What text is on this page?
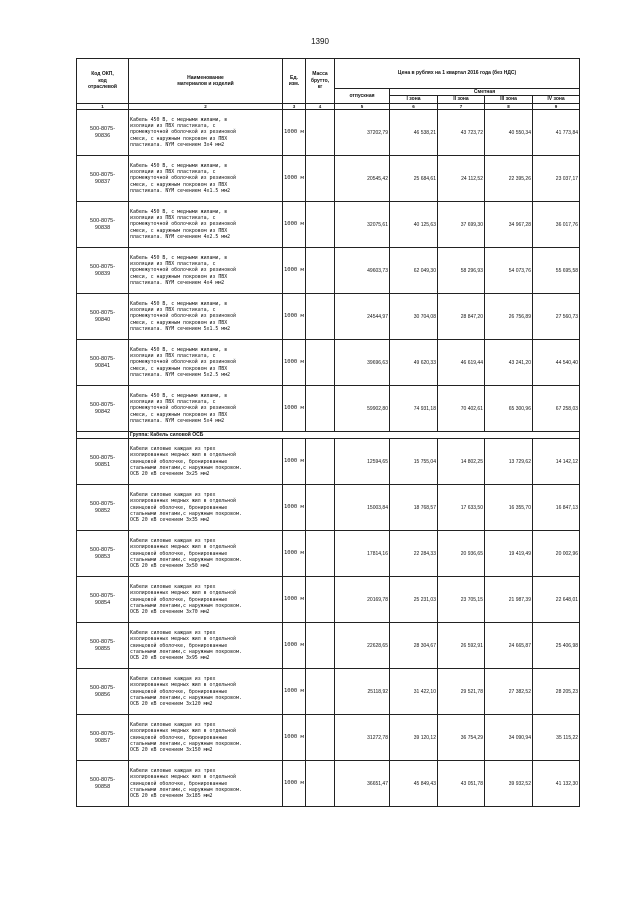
1390
Код ОКП,
код
отраслевой	Наименование
материалов и изделий	Ед.
изм.	Масса
брутто,
кг	Цена в рублях на 1 квартал 2016 года (без НДС)				
				отпускная	Сметная			
					I зона	II зона	III зона	IV зона
1	2	3	4	5	6	7	8	9
500-8075-
90836	Кабель 450 В, с медными жилами, в
изоляции из ПВХ пластиката, с
промежуточной оболочкой из резиновой
смеси, с наружным покровом из ПВХ
пластиката. NYM сечением 3x4 мм2	1000 м		37202,79	46 538,21	43 723,72	40 550,34	41 773,84
500-8075-
90837	Кабель 450 В, с медными жилами, в
изоляции из ПВХ пластиката, с
промежуточной оболочкой из резиновой
смеси, с наружным покровом из ПВХ
пластиката. NYM сечением 4x1.5 мм2	1000 м		20545,42	25 684,61	24 112,52	22 395,26	23 037,17
500-8075-
90838	Кабель 450 В, с медными жилами, в
изоляции из ПВХ пластиката, с
промежуточной оболочкой из резиновой
смеси, с наружным покровом из ПВХ
пластиката. NYM сечением 4x2.5 мм2	1000 м		32075,61	40 125,63	37 699,30	34 967,28	36 017,76
500-8075-
90839	Кабель 450 В, с медными жилами, в
изоляции из ПВХ пластиката, с
промежуточной оболочкой из резиновой
смеси, с наружным покровом из ПВХ
пластиката. NYM сечением 4x4 мм2	1000 м		49603,73	62 049,30	58 296,93	54 073,76	55 695,58
500-8075-
90840	Кабель 450 В, с медными жилами, в
изоляции из ПВХ пластиката, с
промежуточной оболочкой из резиновой
смеси, с наружным покровом из ПВХ
пластиката. NYM сечением 5x1.5 мм2	1000 м		24544,97	30 704,08	28 847,20	26 756,89	27 560,73
500-8075-
90841	Кабель 450 В, с медными жилами, в
изоляции из ПВХ пластиката, с
промежуточной оболочкой из резиновой
смеси, с наружным покровом из ПВХ
пластиката. NYM сечением 5x2.5 мм2	1000 м		39696,63	49 620,33	46 619,44	43 241,20	44 540,40
500-8075-
90842	Кабель 450 В, с медными жилами, в
изоляции из ПВХ пластиката, с
промежуточной оболочкой из резиновой
смеси, с наружным покровом из ПВХ
пластиката. NYM сечением 5x4 мм2	1000 м		59902,80	74 931,18	70 402,61	65 300,96	67 258,03
	Группа: Кабель силовой ОСБ							
500-8075-
90851	Кабели силовые каждая из трех
изолированных медных жил в отдельной
свинцовой оболочке, бронированные
стальными лентами,с наружным покровом.
ОСБ 20 кВ сечением 3x25 мм2	1000 м		12594,65	15 755,04	14 802,25	13 729,62	14 142,12
500-8075-
90852	Кабели силовые каждая из трех
изолированных медных жил в отдельной
свинцовой оболочке, бронированные
стальными лентами,с наружным покровом.
ОСБ 20 кВ сечением 3x35 мм2	1000 м		15003,84	18 768,57	17 633,50	16 355,70	16 847,13
500-8075-
90853	Кабели силовые каждая из трех
изолированных медных жил в отдельной
свинцовой оболочке, бронированные
стальными лентами,с наружным покровом.
ОСБ 20 кВ сечением 3x50 мм2	1000 м		17814,16	22 284,33	20 936,65	19 419,49	20 002,96
500-8075-
90854	Кабели силовые каждая из трех
изолированных медных жил в отдельной
свинцовой оболочке, бронированные
стальными лентами,с наружным покровом.
ОСБ 20 кВ сечением 3x70 мм2	1000 м		20169,78	25 231,03	23 705,15	21 987,39	22 648,01
500-8075-
90855	Кабели силовые каждая из трех
изолированных медных жил в отдельной
свинцовой оболочке, бронированные
стальными лентами,с наружным покровом.
ОСБ 20 кВ сечением 3x95 мм2	1000 м		22628,65	28 304,67	26 592,91	24 665,87	25 406,98
500-8075-
90856	Кабели силовые каждая из трех
изолированных медных жил в отдельной
свинцовой оболочке, бронированные
стальными лентами,с наружным покровом.
ОСБ 20 кВ сечением 3x120 мм2	1000 м		25118,92	31 422,10	29 521,78	27 382,52	28 205,23
500-8075-
90857	Кабели силовые каждая из трех
изолированных медных жил в отдельной
свинцовой оболочке, бронированные
стальными лентами,с наружным покровом.
ОСБ 20 кВ сечением 3x150 мм2	1000 м		31272,78	39 120,12	36 754,29	34 090,94	35 115,22
500-8075-
90858	Кабели силовые каждая из трех
изолированных медных жил в отдельной
свинцовой оболочке, бронированные
стальными лентами,с наружным покровом.
ОСБ 20 кВ сечением 3x185 мм2	1000 м		36651,47	45 849,43	43 051,78	39 932,52	41 132,30
